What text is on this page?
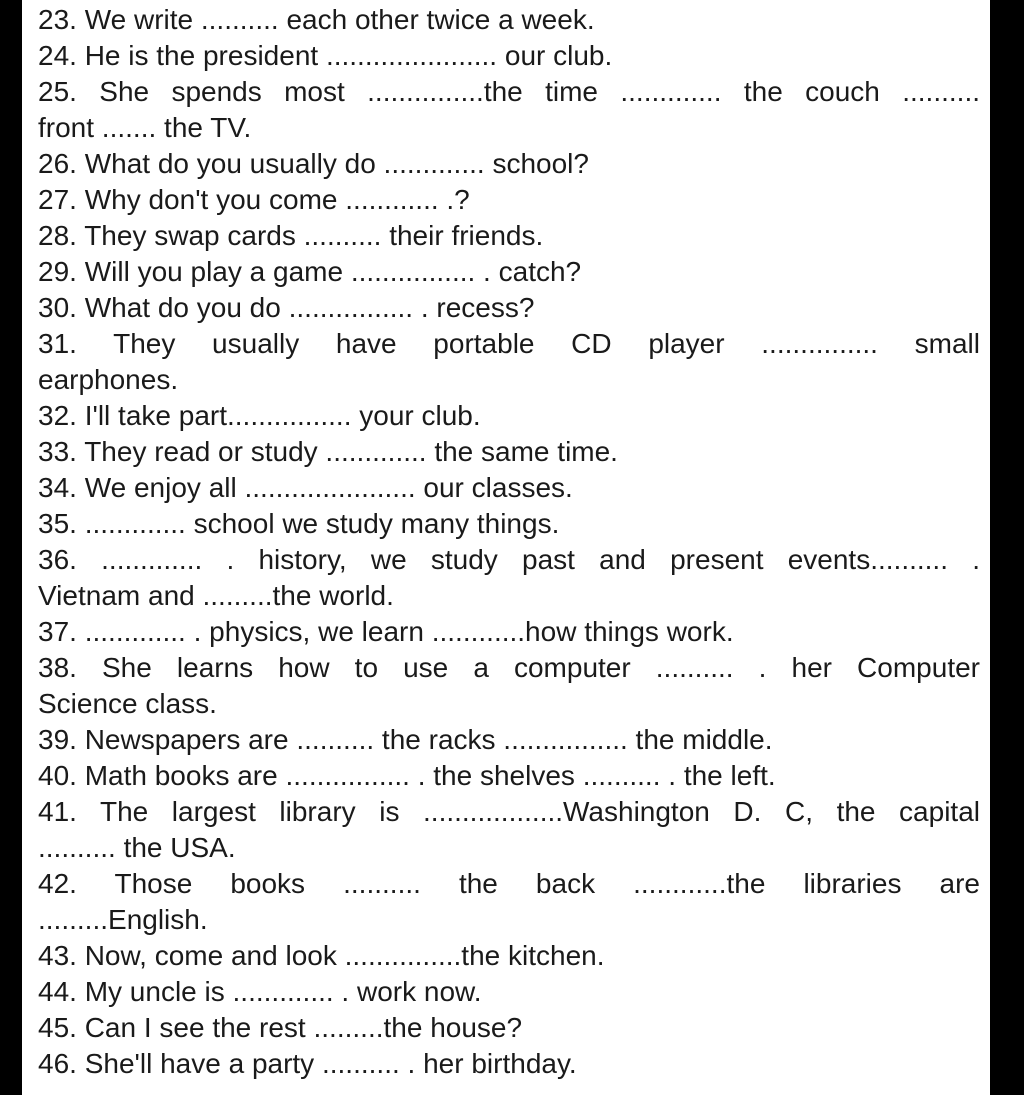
23. We write .......... each other twice a week.
24. He is the president ...................... our club.
25. She spends most ...............the time ............. the couch ..........
front ....... the TV.
26. What do you usually do ............. school?
27. Why don't you come ............ .?
28. They swap cards .......... their friends.
29. Will you play a game ................ . catch?
30. What do you do ................ . recess?
31. They usually have portable CD player ............... small
earphones.
32. I'll take part................ your club.
33. They read or study ............. the same time.
34. We enjoy all ...................... our classes.
35. ............. school we study many things.
36. ............. . history, we study past and present events.......... .
Vietnam and .........the world.
37. ............. . physics, we learn ............how things work.
38. She learns how to use a computer .......... . her Computer
Science class.
39. Newspapers are .......... the racks ................ the middle.
40. Math books are ................ . the shelves .......... . the left.
41. The largest library is ..................Washington D. C, the capital
.......... the USA.
42. Those books .......... the back ............the libraries are
.........English.
43. Now, come and look ...............the kitchen.
44. My uncle is ............. . work now.
45. Can I see the rest .........the house?
46. She'll have a party .......... . her birthday.
